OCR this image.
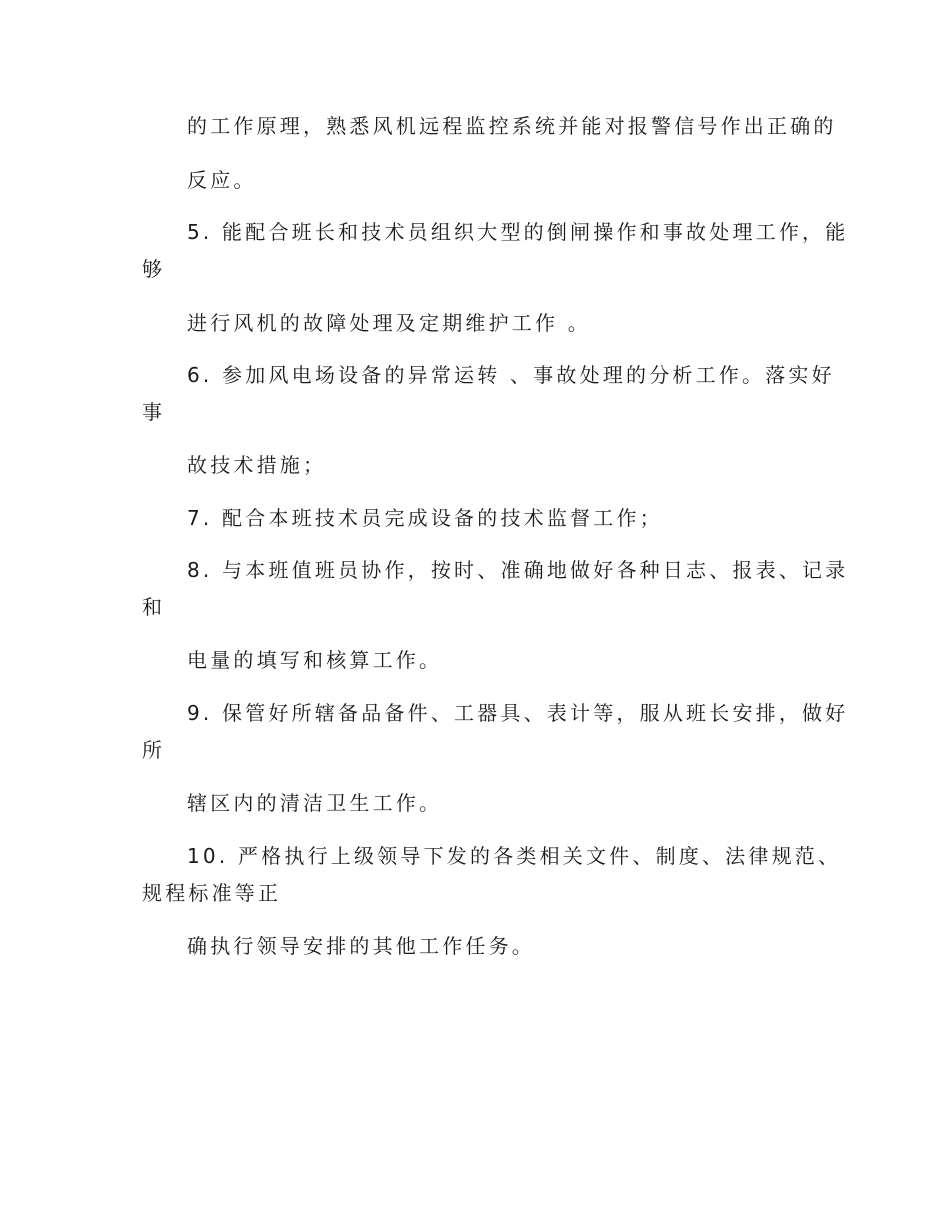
的工作原理，熟悉风机远程监控系统并能对报警信号作出正确的
反应。
5. 能配合班长和技术员组织大型的倒闸操作和事故处理工作，能
够
进行风机的故障处理及定期维护工作 。
6. 参加风电场设备的异常运转 、事故处理的分析工作。落实好
事
故技术措施；
7. 配合本班技术员完成设备的技术监督工作；
8. 与本班值班员协作，按时、准确地做好各种日志、报表、记录
和
电量的填写和核算工作。
9. 保管好所辖备品备件、工器具、表计等，服从班长安排，做好
所
辖区内的清洁卫生工作。
10. 严格执行上级领导下发的各类相关文件、制度、法律规范、
规程标准等正
确执行领导安排的其他工作任务。
